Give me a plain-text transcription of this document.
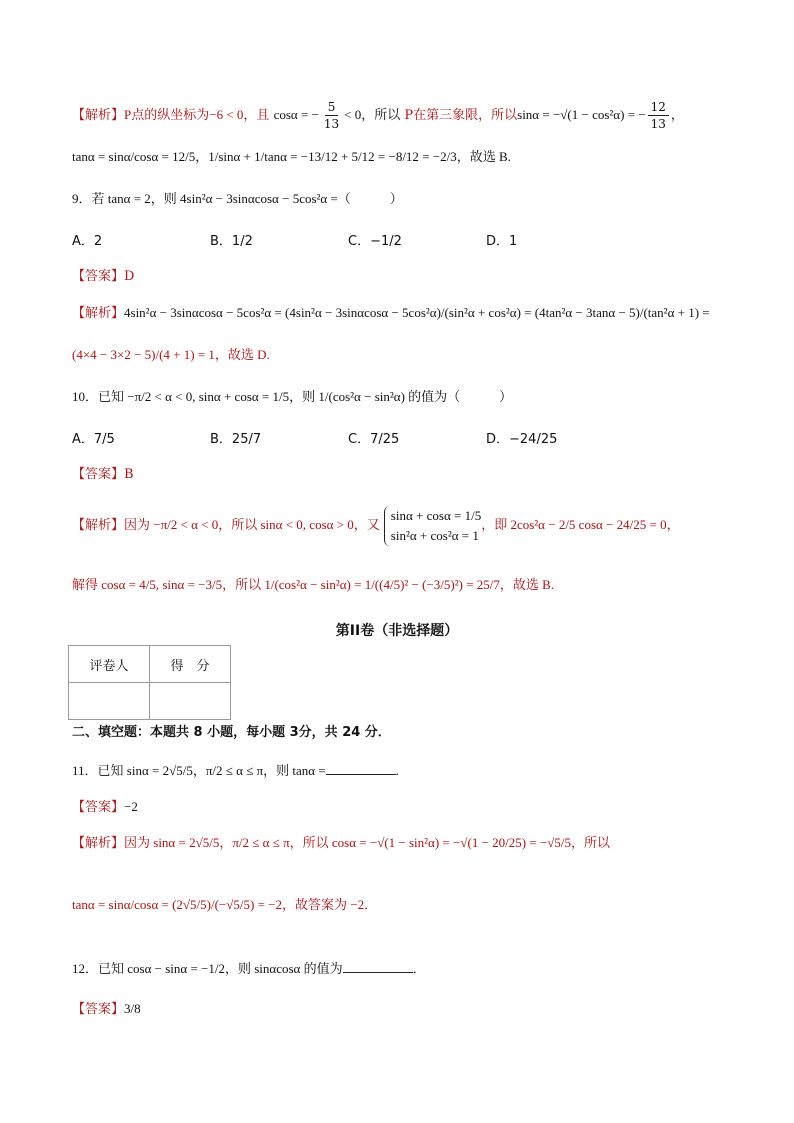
【解析】P点的纵坐标为−6 < 0，且 cosα = − $\frac{5}{13} < 0$，所以 P在第三象限，所以sinα = −√(1 − cos²α) = − $\frac{12}{13}$ ，
tanα = sinα/cosα = 12/5，1/sinα + 1/tanα = −13/12 + 5/12 = −8/12 = −2/3，故选 B.
9．若 tanα = 2，则 4sin²α − 3sinαcosα − 5cos²α =（　　　）
A．2	B．1/2	C．−1/2	D．1
【答案】D
【解析】4sin²α − 3sinαcosα − 5cos²α = (4sin²α − 3sinαcosα − 5cos²α)/(sin²α + cos²α) = (4tan²α − 3tanα − 5)/(tan²α + 1) =
(4×4 − 3×2 − 5)/(4 + 1) = 1，故选 D.
10．已知 −π/2 < α < 0, sinα + cosα = 1/5，则 1/(cos²α − sin²α) 的值为（　　　）
A．7/5	B．25/7	C．7/25	D．−24/25
【答案】B
【解析】因为 −π/2 < α < 0，所以 sinα < 0, cosα > 0，又sinα + cosα = 1/5
sin²α + cos²α = 1，即 2cos²α − 2/5 cosα − 24/25 = 0，
解得 cosα = 4/5, sinα = −3/5，所以 1/(cos²α − sin²α) = 1/((4/5)² − (−3/5)²) = 25/7，故选 B.
第II卷（非选择题）
评卷人	得　分

二、填空题：本题共 8 小题，每小题 3分，共 24 分．
11．已知 sinα = 2√5/5，π/2 ≤ α ≤ π，则 tanα =	.
【答案】−2
【解析】因为 sinα = 2√5/5，π/2 ≤ α ≤ π，所以 cosα = −√(1 − sin²α) = −√(1 − 20/25) = −√5/5，所以
tanα = sinα/cosα = (2√5/5)/(−√5/5) = −2，故答案为 −2．
12．已知 cosα − sinα = −1/2，则 sinαcosα 的值为	．
【答案】3/8
